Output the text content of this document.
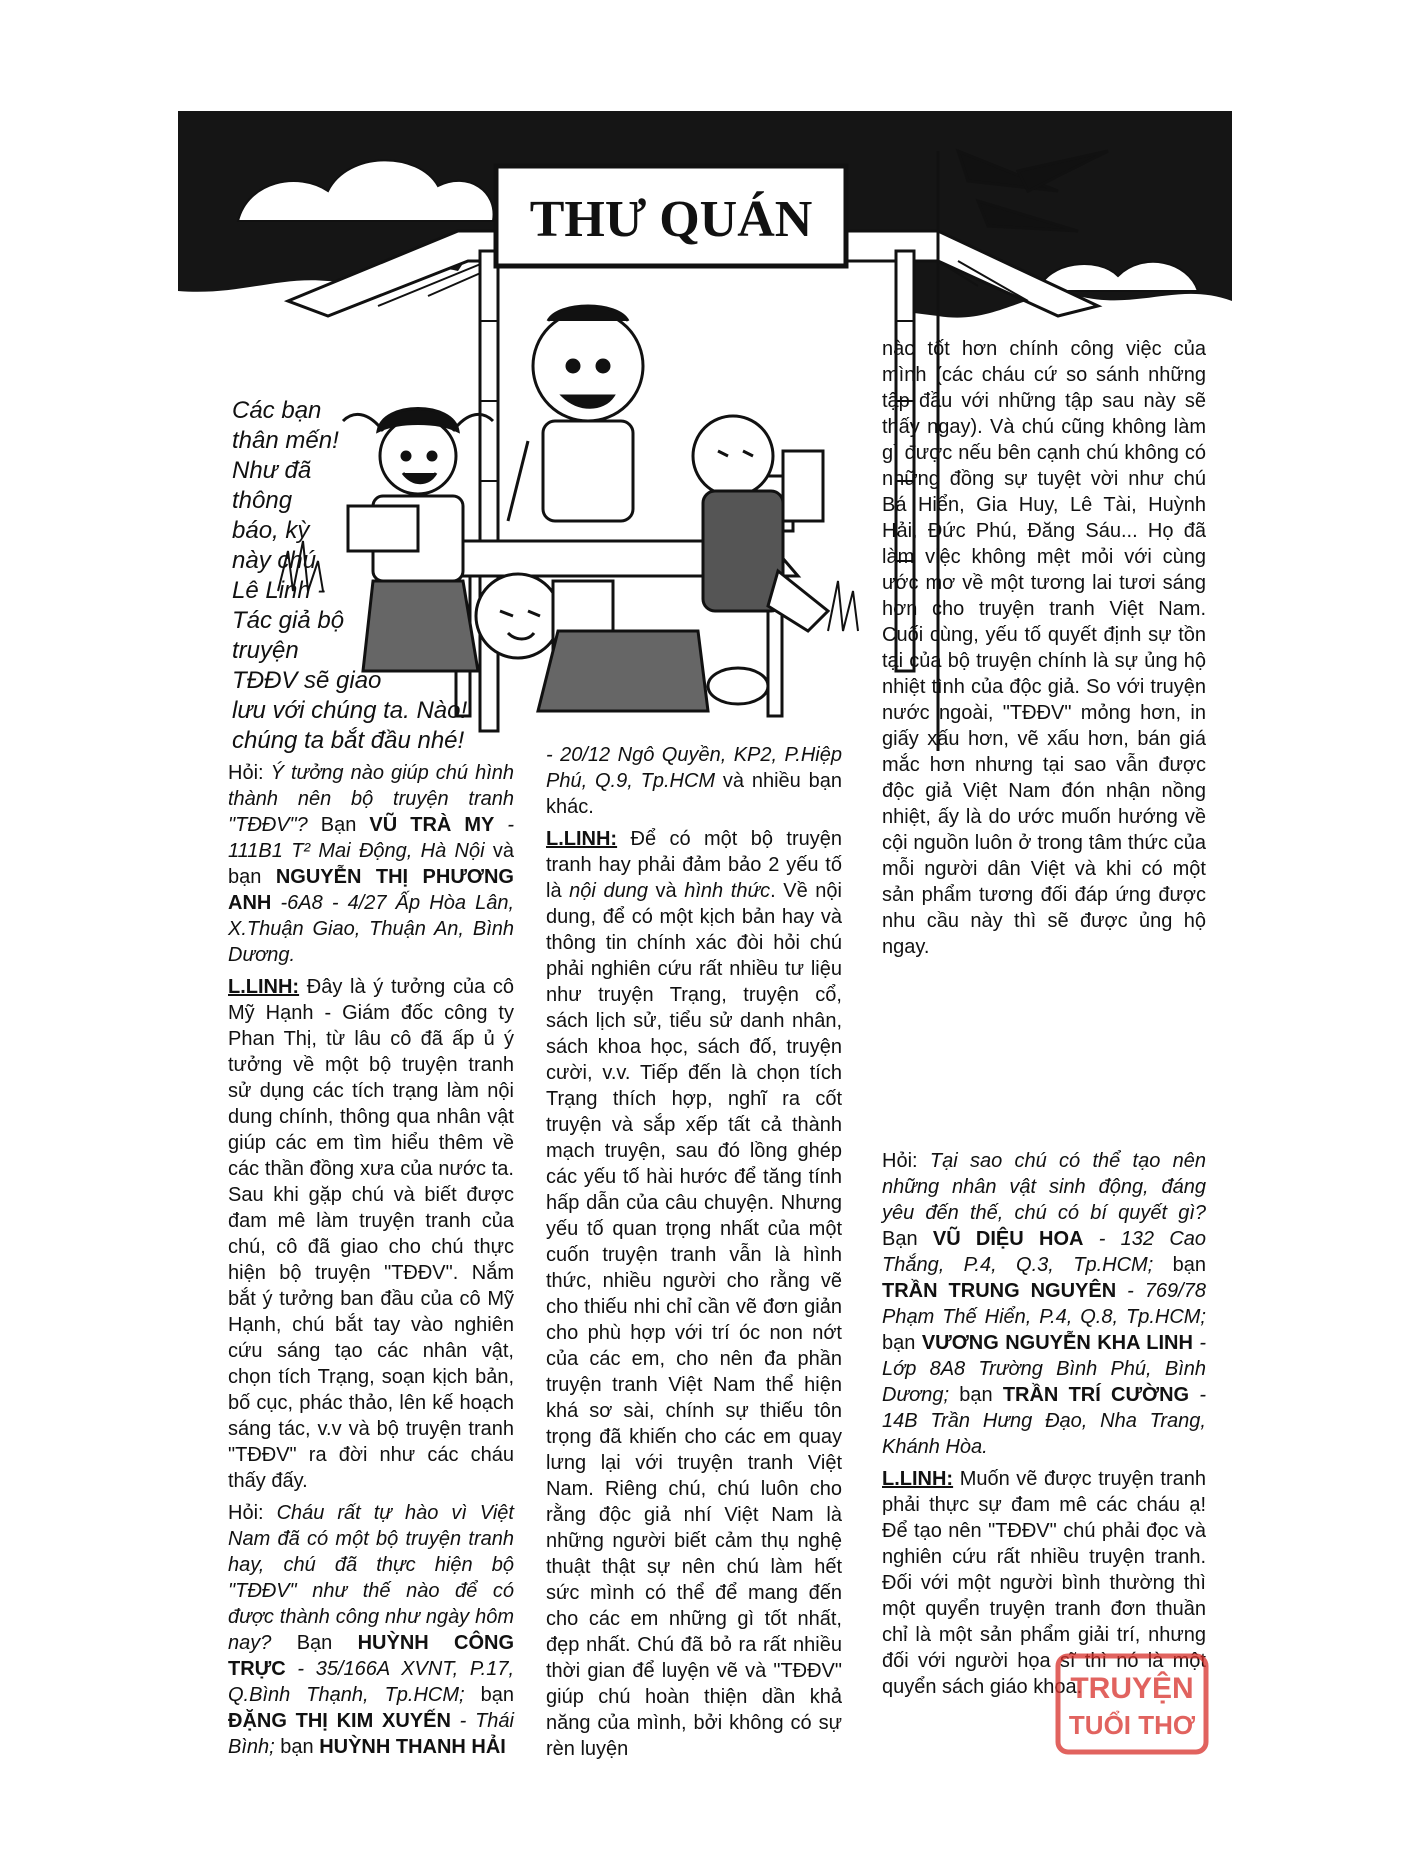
THƯ QUÁN
Các bạn
thân mến!
Như đã
thông
báo, kỳ
này chú
Lê Linh -
Tác giả bộ
truyện
TĐĐV sẽ giao
lưu với chúng ta. Nào!
chúng ta bắt đầu nhé!

Hỏi: Ý tưởng nào giúp chú hình thành nên bộ truyện tranh "TĐĐV"? Bạn VŨ TRÀ MY - 111B1 T² Mai Động, Hà Nội và bạn NGUYỄN THỊ PHƯƠNG ANH -6A8 - 4/27 Ấp Hòa Lân, X.Thuận Giao, Thuận An, Bình Dương.

L.LINH: Đây là ý tưởng của cô Mỹ Hạnh - Giám đốc công ty Phan Thị, từ lâu cô đã ấp ủ ý tưởng về một bộ truyện tranh sử dụng các tích trạng làm nội dung chính, thông qua nhân vật giúp các em tìm hiểu thêm về các thần đồng xưa của nước ta. Sau khi gặp chú và biết được đam mê làm truyện tranh của chú, cô đã giao cho chú thực hiện bộ truyện "TĐĐV". Nắm bắt ý tưởng ban đầu của cô Mỹ Hạnh, chú bắt tay vào nghiên cứu sáng tạo các nhân vật, chọn tích Trạng, soạn kịch bản, bố cục, phác thảo, lên kế hoạch sáng tác, v.v và bộ truyện tranh "TĐĐV" ra đời như các cháu thấy đấy.

Hỏi: Cháu rất tự hào vì Việt Nam đã có một bộ truyện tranh hay, chú đã thực hiện bộ "TĐĐV" như thế nào để có được thành công như ngày hôm nay? Bạn HUỲNH CÔNG TRỰC - 35/166A XVNT, P.17, Q.Bình Thạnh, Tp.HCM; bạn ĐẶNG THỊ KIM XUYẾN - Thái Bình; bạn HUỲNH THANH HẢI

- 20/12 Ngô Quyền, KP2, P.Hiệp Phú, Q.9, Tp.HCM và nhiều bạn khác.

L.LINH: Để có một bộ truyện tranh hay phải đảm bảo 2 yếu tố là nội dung và hình thức. Về nội dung, để có một kịch bản hay và thông tin chính xác đòi hỏi chú phải nghiên cứu rất nhiều tư liệu như truyện Trạng, truyện cổ, sách lịch sử, tiểu sử danh nhân, sách khoa học, sách đố, truyện cười, v.v. Tiếp đến là chọn tích Trạng thích hợp, nghĩ ra cốt truyện và sắp xếp tất cả thành mạch truyện, sau đó lồng ghép các yếu tố hài hước để tăng tính hấp dẫn của câu chuyện. Nhưng yếu tố quan trọng nhất của một cuốn truyện tranh vẫn là hình thức, nhiều người cho rằng vẽ cho thiếu nhi chỉ cần vẽ đơn giản cho phù hợp với trí óc non nớt của các em, cho nên đa phần truyện tranh Việt Nam thể hiện khá sơ sài, chính sự thiếu tôn trọng đã khiến cho các em quay lưng lại với truyện tranh Việt Nam. Riêng chú, chú luôn cho rằng độc giả nhí Việt Nam là những người biết cảm thụ nghệ thuật thật sự nên chú làm hết sức mình có thể để mang đến cho các em những gì tốt nhất, đẹp nhất. Chú đã bỏ ra rất nhiều thời gian để luyện vẽ và "TĐĐV" giúp chú hoàn thiện dần khả năng của mình, bởi không có sự rèn luyện

nào tốt hơn chính công việc của mình (các cháu cứ so sánh những tập đầu với những tập sau này sẽ thấy ngay). Và chú cũng không làm gì được nếu bên cạnh chú không có những đồng sự tuyệt vời như chú Bá Hiển, Gia Huy, Lê Tài, Huỳnh Hải, Đức Phú, Đăng Sáu... Họ đã làm việc không mệt mỏi với cùng ước mơ về một tương lai tươi sáng hơn cho truyện tranh Việt Nam. Cuối cùng, yếu tố quyết định sự tồn tại của bộ truyện chính là sự ủng hộ nhiệt tình của độc giả. So với truyện nước ngoài, "TĐĐV" mỏng hơn, in giấy xấu hơn, vẽ xấu hơn, bán giá mắc hơn nhưng tại sao vẫn được độc giả Việt Nam đón nhận nồng nhiệt, ấy là do ước muốn hướng về cội nguồn luôn ở trong tâm thức của mỗi người dân Việt và khi có một sản phẩm tương đối đáp ứng được nhu cầu này thì sẽ được ủng hộ ngay.

Hỏi: Tại sao chú có thể tạo nên những nhân vật sinh động, đáng yêu đến thế, chú có bí quyết gì? Bạn VŨ DIỆU HOA - 132 Cao Thắng, P.4, Q.3, Tp.HCM; bạn TRẦN TRUNG NGUYÊN - 769/78 Phạm Thế Hiển, P.4, Q.8, Tp.HCM; bạn VƯƠNG NGUYỄN KHA LINH - Lớp 8A8 Trường Bình Phú, Bình Dương; bạn TRẦN TRÍ CƯỜNG - 14B Trần Hưng Đạo, Nha Trang, Khánh Hòa.

L.LINH: Muốn vẽ được truyện tranh phải thực sự đam mê các cháu ạ! Để tạo nên "TĐĐV" chú phải đọc và nghiên cứu rất nhiều truyện tranh. Đối với một người bình thường thì một quyển truyện tranh đơn thuần chỉ là một sản phẩm giải trí, nhưng đối với người họa sĩ thì nó là một quyển sách giáo khoa.

TRUYỆN
TUỔI THƠ
